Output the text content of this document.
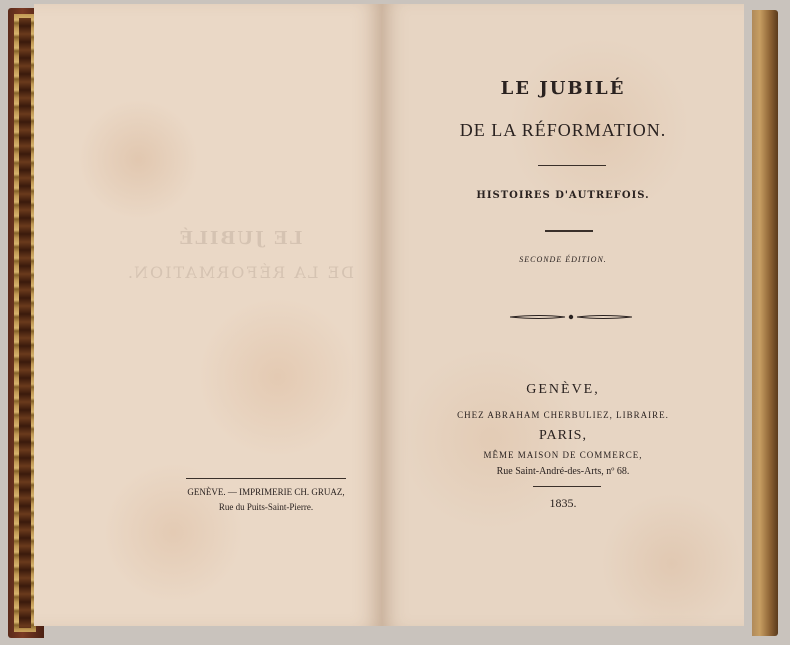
LE JUBILÉ
DE LA RÉFORMATION.
GENÈVE. — IMPRIMERIE CH. GRUAZ,
Rue du Puits-Saint-Pierre.
LE JUBILÉ
DE LA RÉFORMATION.
HISTOIRES D'AUTREFOIS.
SECONDE ÉDITION.
GENÈVE,
CHEZ ABRAHAM CHERBULIEZ, LIBRAIRE.
PARIS,
MÊME MAISON DE COMMERCE,
Rue Saint-André-des-Arts, nº 68.
1835.
